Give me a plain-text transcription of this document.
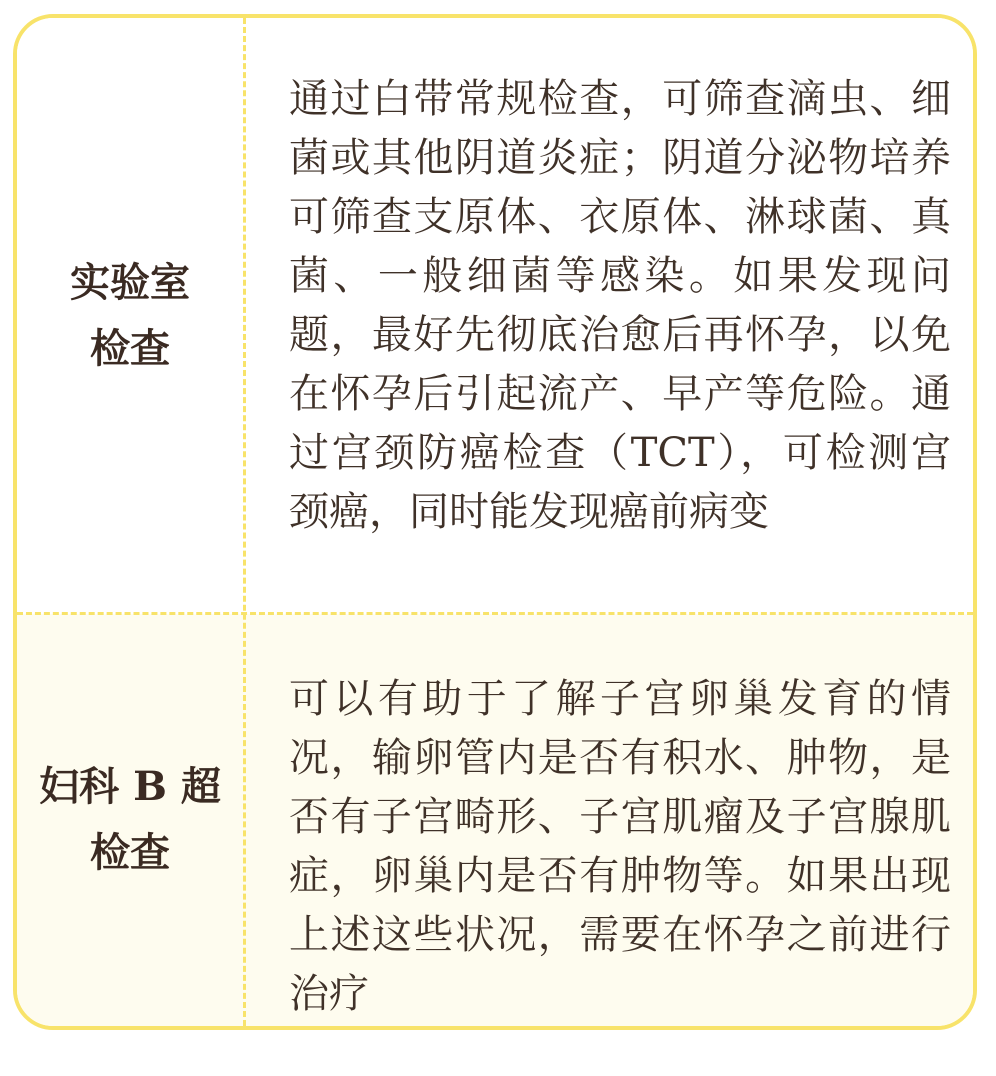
实验室
检查
通过白带常规检查，可筛查滴虫、细菌或其他阴道炎症；阴道分泌物培养可筛查支原体、衣原体、淋球菌、真菌、一般细菌等感染。如果发现问题，最好先彻底治愈后再怀孕，以免在怀孕后引起流产、早产等危险。通过宫颈防癌检查（TCT），可检测宫颈癌，同时能发现癌前病变
妇科 B 超
检查
可以有助于了解子宫卵巢发育的情况，输卵管内是否有积水、肿物，是否有子宫畸形、子宫肌瘤及子宫腺肌症，卵巢内是否有肿物等。如果出现上述这些状况，需要在怀孕之前进行治疗
